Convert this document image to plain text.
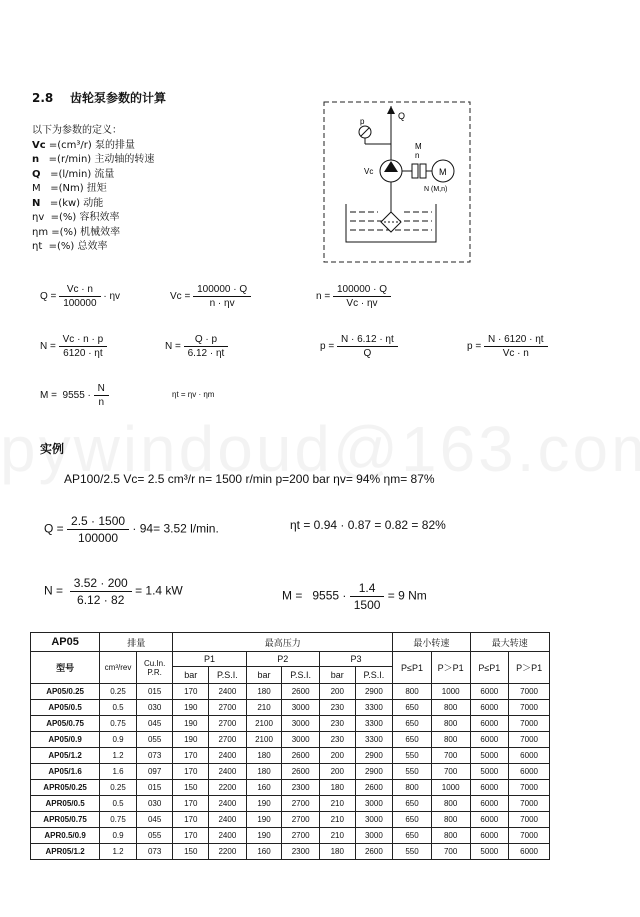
2.8 齿轮泵参数的计算
以下为参数的定义：
Vc =(cm³/r) 泵的排量
n =(r/min) 主动轴的转速
Q =(l/min) 流量
M =(Nm) 扭矩
N =(kw) 动能
ηv =(%) 容积效率
ηm =(%) 机械效率
ηt =(%) 总效率
Q
p
Vc
M
n
M
N (M,n)
$Q = \frac{Vc \cdot n}{100000} \cdot \eta v$	$Vc = \frac{100000 \cdot Q}{n \cdot \eta v}$	$n = \frac{100000 \cdot Q}{Vc \cdot \eta v}$
$N = \frac{Vc \cdot n \cdot p}{6120 \cdot \eta t}$	$N = \frac{Q \cdot p}{6.12 \cdot \eta t}$	$p = \frac{N \cdot 6.12 \cdot \eta t}{Q}$	$p = \frac{N \cdot 6120 \cdot \eta t}{Vc \cdot n}$
$M = 9555 \cdot \frac{N}{n}$	ηt = ηv · ηm
实例
AP100/2.5 Vc= 2.5 cm³/r n= 1500 r/min p=200 bar ηv= 94% ηm= 87%
$Q = \frac{2.5 \cdot 1500}{100000} \cdot 94= 3.52$ l/min.	ηt = 0.94 · 0.87 = 0.82 = 82%
$N = \frac{3.52 \cdot 200}{6.12 \cdot 82} = 1.4$ kW	$M = 9555 \cdot \frac{1.4}{1500} = 9$ Nm
AP05	排量		最高压力						最小转速		最大转速	
型号	cm³/rev	Cu.In. P.R.	P1		P2		P3		P≤P1	P＞P1	P≤P1	P＞P1
			bar	P.S.I.	bar	P.S.I.	bar	P.S.I.				
AP05/0.25	0.25	015	170	2400	180	2600	200	2900	800	1000	6000	7000
AP05/0.5	0.5	030	190	2700	210	3000	230	3300	650	800	6000	7000
AP05/0.75	0.75	045	190	2700	2100	3000	230	3300	650	800	6000	7000
AP05/0.9	0.9	055	190	2700	2100	3000	230	3300	650	800	6000	7000
AP05/1.2	1.2	073	170	2400	180	2600	200	2900	550	700	5000	6000
AP05/1.6	1.6	097	170	2400	180	2600	200	2900	550	700	5000	6000
APR05/0.25	0.25	015	150	2200	160	2300	180	2600	800	1000	6000	7000
APR05/0.5	0.5	030	170	2400	190	2700	210	3000	650	800	6000	7000
APR05/0.75	0.75	045	170	2400	190	2700	210	3000	650	800	6000	7000
APR0.5/0.9	0.9	055	170	2400	190	2700	210	3000	650	800	6000	7000
APR05/1.2	1.2	073	150	2200	160	2300	180	2600	550	700	5000	6000
